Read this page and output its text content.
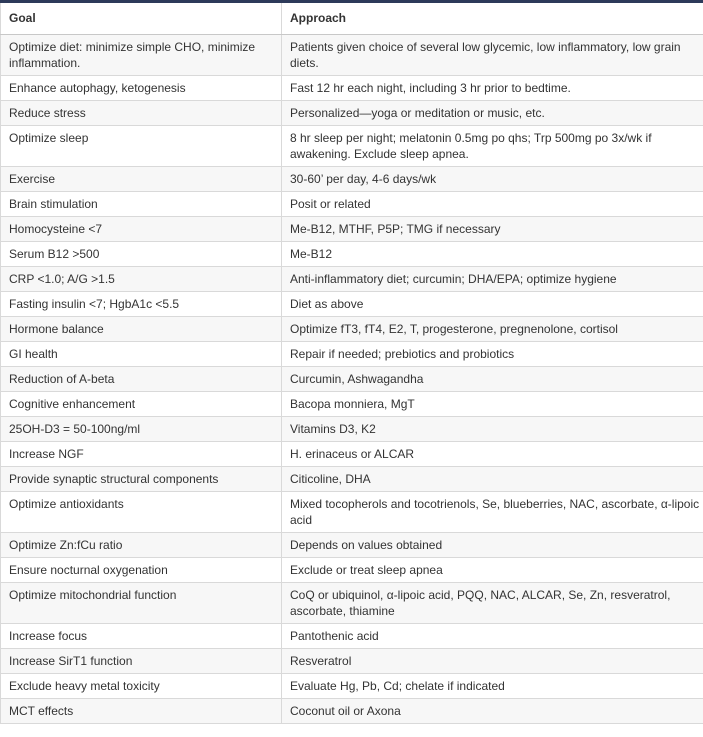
Goal	Approach
Optimize diet: minimize simple CHO, minimize inflammation.	Patients given choice of several low glycemic, low inflammatory, low grain diets.
Enhance autophagy, ketogenesis	Fast 12 hr each night, including 3 hr prior to bedtime.
Reduce stress	Personalized—yoga or meditation or music, etc.
Optimize sleep	8 hr sleep per night; melatonin 0.5mg po qhs; Trp 500mg po 3x/wk if awakening. Exclude sleep apnea.
Exercise	30-60’ per day, 4-6 days/wk
Brain stimulation	Posit or related
Homocysteine <7	Me-B12, MTHF, P5P; TMG if necessary
Serum B12 >500	Me-B12
CRP <1.0; A/G >1.5	Anti-inflammatory diet; curcumin; DHA/EPA; optimize hygiene
Fasting insulin <7; HgbA1c <5.5	Diet as above
Hormone balance	Optimize fT3, fT4, E2, T, progesterone, pregnenolone, cortisol
GI health	Repair if needed; prebiotics and probiotics
Reduction of A-beta	Curcumin, Ashwagandha
Cognitive enhancement	Bacopa monniera, MgT
25OH-D3 = 50-100ng/ml	Vitamins D3, K2
Increase NGF	H. erinaceus or ALCAR
Provide synaptic structural components	Citicoline, DHA
Optimize antioxidants	Mixed tocopherols and tocotrienols, Se, blueberries, NAC, ascorbate, α-lipoic acid
Optimize Zn:fCu ratio	Depends on values obtained
Ensure nocturnal oxygenation	Exclude or treat sleep apnea
Optimize mitochondrial function	CoQ or ubiquinol, α-lipoic acid, PQQ, NAC, ALCAR, Se, Zn, resveratrol, ascorbate, thiamine
Increase focus	Pantothenic acid
Increase SirT1 function	Resveratrol
Exclude heavy metal toxicity	Evaluate Hg, Pb, Cd; chelate if indicated
MCT effects	Coconut oil or Axona
